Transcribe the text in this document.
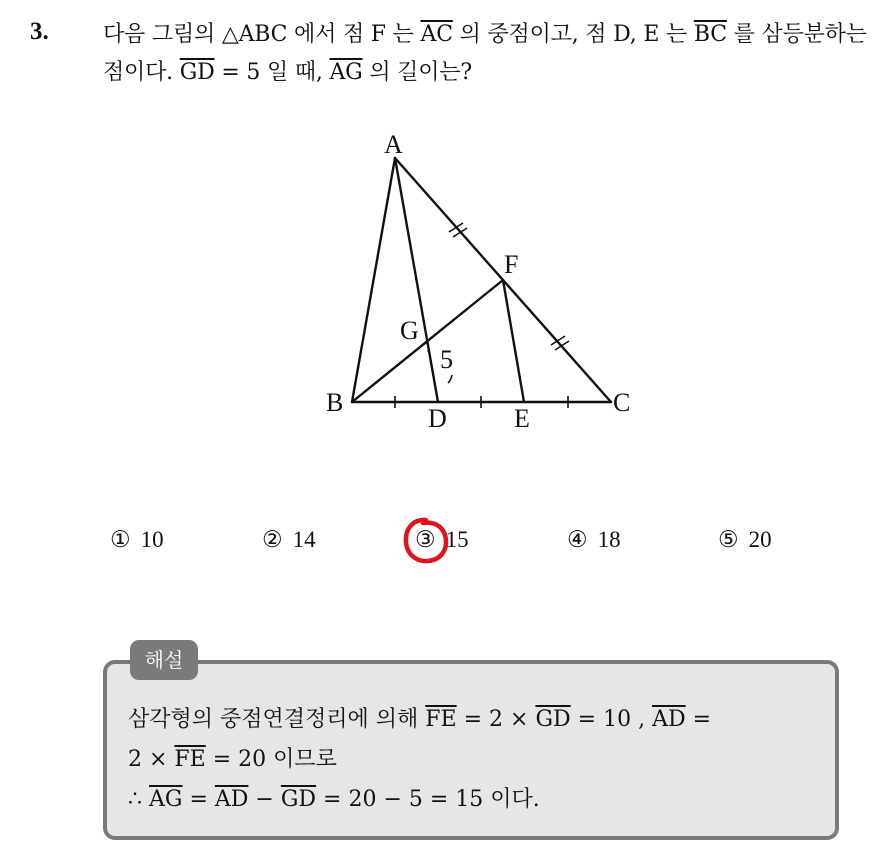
3. 다음 그림의 △ABC 에서 점 F 는 $\overline{AC}$ 의 중점이고, 점 D, E 는 $\overline{BC}$ 를 삼등분하는 점이다. $\overline{GD} = 5$ 일 때, $\overline{AG}$ 의 길이는?
A
B	C
D	E
F
G
5
① 10	② 14	③ 15	④ 18	⑤ 20
해설
삼각형의 중점연결정리에 의해 $\overline{FE} = 2 \times \overline{GD} = 10$ , $\overline{AD}$ =
$2 \times \overline{FE} = 20$ 이므로
∴ $\overline{AG} = \overline{AD} - \overline{GD} = 20 - 5 = 15$ 이다.
